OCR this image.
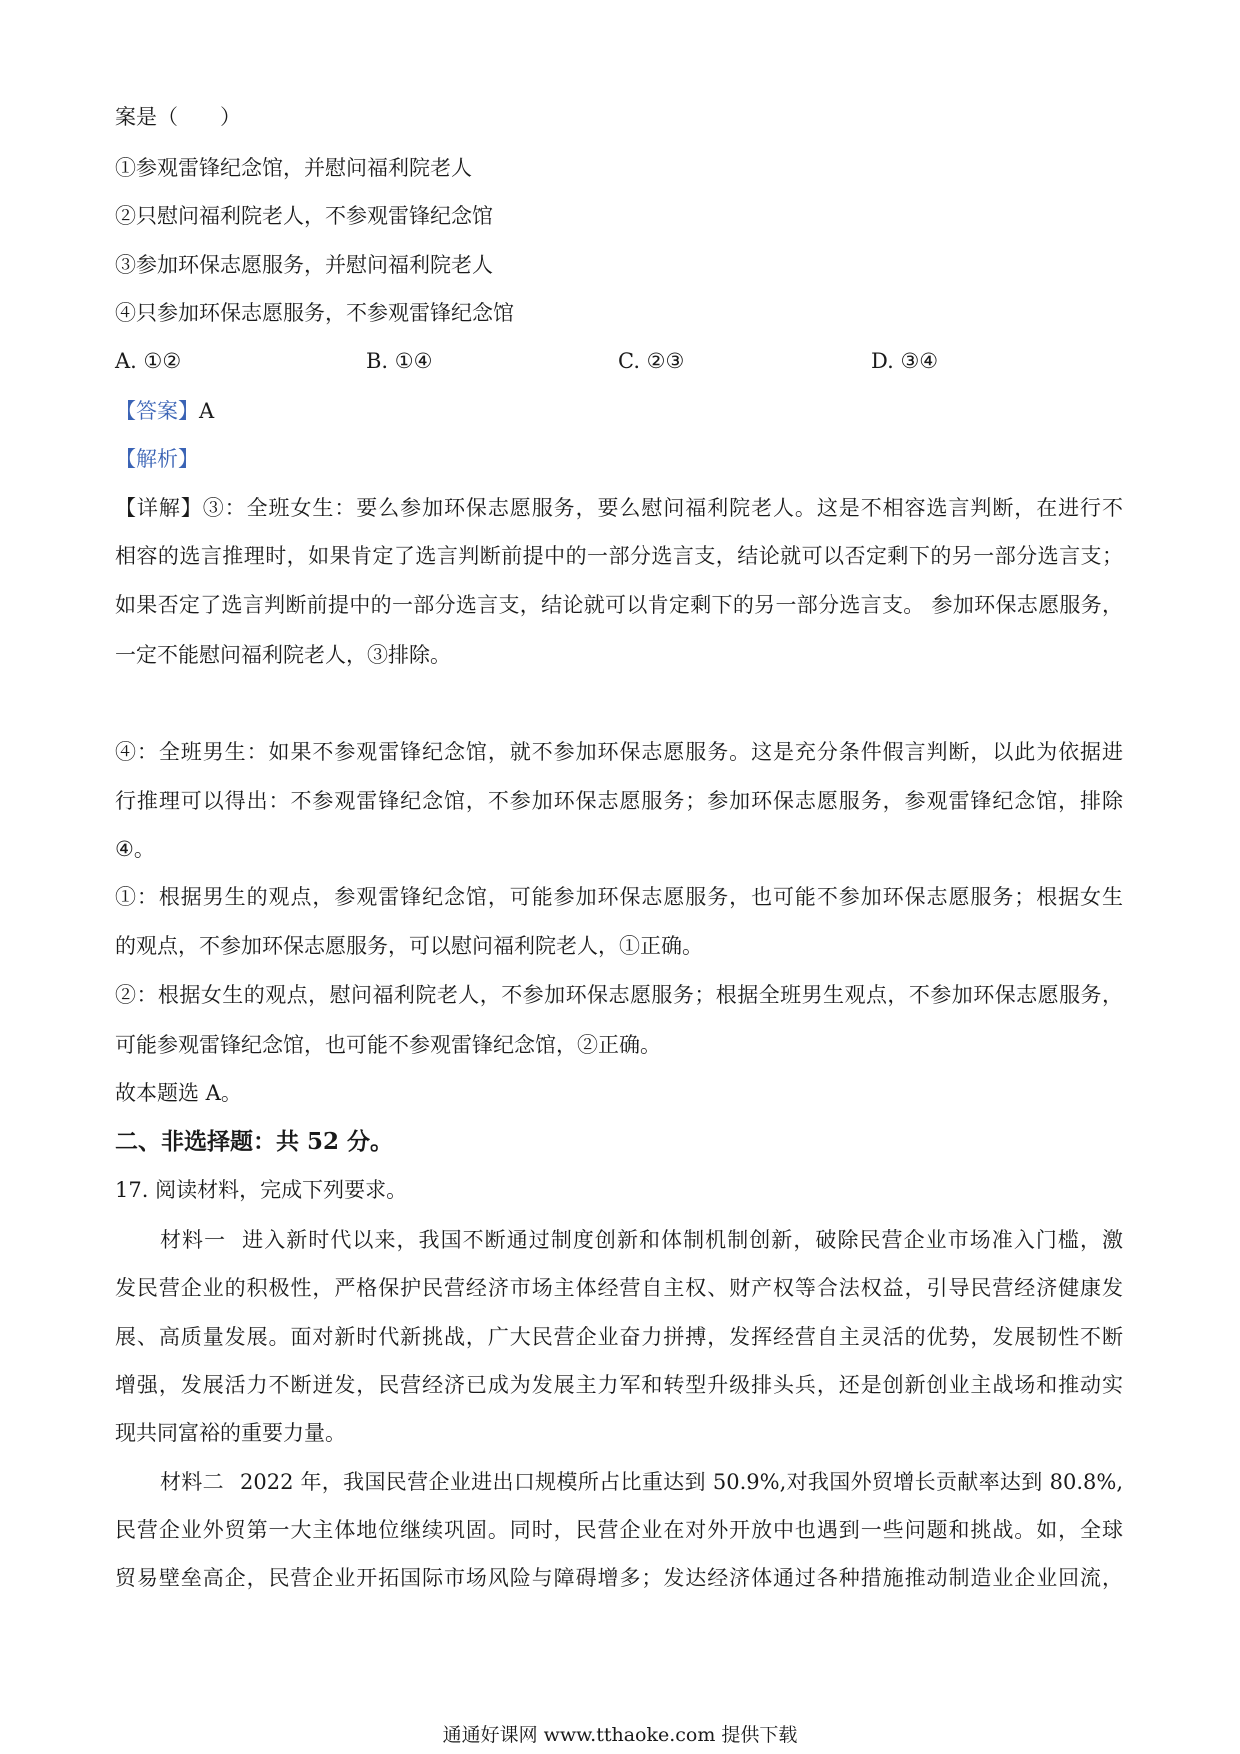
案是（　　）
①参观雷锋纪念馆，并慰问福利院老人
②只慰问福利院老人，不参观雷锋纪念馆
③参加环保志愿服务，并慰问福利院老人
④只参加环保志愿服务，不参观雷锋纪念馆
A. ①②	B. ①④	C. ②③	D. ③④
【答案】A
【解析】
【详解】③：全班女生：要么参加环保志愿服务，要么慰问福利院老人。这是不相容选言判断，在进行不
相容的选言推理时，如果肯定了选言判断前提中的一部分选言支，结论就可以否定剩下的另一部分选言支；
如果否定了选言判断前提中的一部分选言支，结论就可以肯定剩下的另一部分选言支。 参加环保志愿服务，
一定不能慰问福利院老人，③排除。
④：全班男生：如果不参观雷锋纪念馆，就不参加环保志愿服务。这是充分条件假言判断，以此为依据进
行推理可以得出：不参观雷锋纪念馆，不参加环保志愿服务；参加环保志愿服务，参观雷锋纪念馆，排除
④。
①：根据男生的观点，参观雷锋纪念馆，可能参加环保志愿服务，也可能不参加环保志愿服务；根据女生
的观点，不参加环保志愿服务，可以慰问福利院老人，①正确。
②：根据女生的观点，慰问福利院老人，不参加环保志愿服务；根据全班男生观点，不参加环保志愿服务，
可能参观雷锋纪念馆，也可能不参观雷锋纪念馆，②正确。
故本题选 A。
二、非选择题：共 52 分。
17. 阅读材料，完成下列要求。
材料一 进入新时代以来，我国不断通过制度创新和体制机制创新，破除民营企业市场准入门槛，激
发民营企业的积极性，严格保护民营经济市场主体经营自主权、财产权等合法权益，引导民营经济健康发
展、高质量发展。面对新时代新挑战，广大民营企业奋力拼搏，发挥经营自主灵活的优势，发展韧性不断
增强，发展活力不断迸发，民营经济已成为发展主力军和转型升级排头兵，还是创新创业主战场和推动实
现共同富裕的重要力量。
材料二 2022 年，我国民营企业进出口规模所占比重达到 50.9%,对我国外贸增长贡献率达到 80.8%,
民营企业外贸第一大主体地位继续巩固。同时，民营企业在对外开放中也遇到一些问题和挑战。如，全球
贸易壁垒高企，民营企业开拓国际市场风险与障碍增多；发达经济体通过各种措施推动制造业企业回流，
通通好课网 www.tthaoke.com 提供下载
